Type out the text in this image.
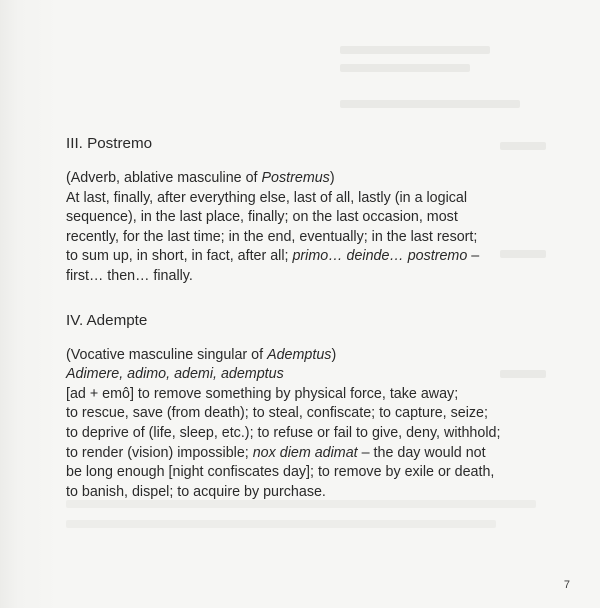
III. Postremo

(Adverb, ablative masculine of Postremus)

At last, finally, after everything else, last of all, lastly (in a logical

sequence), in the last place, finally; on the last occasion, most

recently, for the last time; in the end, eventually; in the last resort;

to sum up, in short, in fact, after all; primo… deinde… postremo –

first… then… finally.

IV. Adempte

(Vocative masculine singular of Ademptus)

Adimere, adimo, ademi, ademptus

[ad + emô] to remove something by physical force, take away;

to rescue, save (from death); to steal, confiscate; to capture, seize;

to deprive of (life, sleep, etc.); to refuse or fail to give, deny, withhold;

to render (vision) impossible; nox diem adimat – the day would not

be long enough [night confiscates day]; to remove by exile or death,

to banish, dispel; to acquire by purchase.

7
